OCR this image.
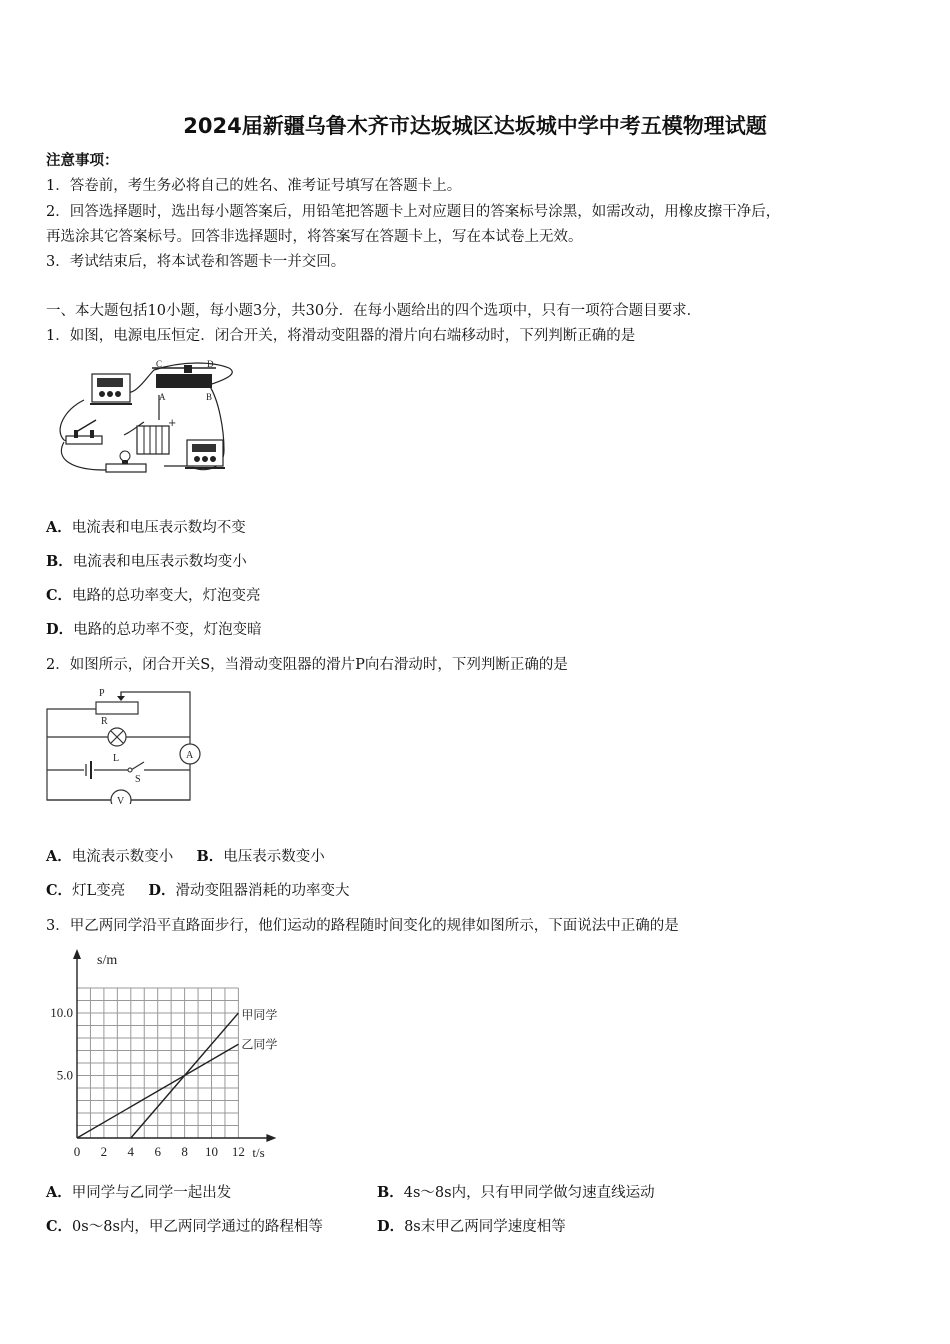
2024届新疆乌鲁木齐市达坂城区达坂城中学中考五模物理试题
注意事项：
1．答卷前，考生务必将自己的姓名、准考证号填写在答题卡上。
2．回答选择题时，选出每小题答案后，用铅笔把答题卡上对应题目的答案标号涂黑，如需改动，用橡皮擦干净后，
再选涂其它答案标号。回答非选择题时，将答案写在答题卡上，写在本试卷上无效。
3．考试结束后，将本试卷和答题卡一并交回。
一、本大题包括10小题，每小题3分，共30分．在每小题给出的四个选项中，只有一项符合题目要求．
1．如图，电源电压恒定．闭合开关，将滑动变阻器的滑片向右端移动时，下列判断正确的是
C	D
A	B
+
A．电流表和电压表示数均不变
B．电流表和电压表示数均变小
C．电路的总功率变大，灯泡变亮
D．电路的总功率不变，灯泡变暗
2．如图所示，闭合开关S，当滑动变阻器的滑片P向右滑动时，下列判断正确的是
P
R
L
S
A
V
A．电流表示数变小 B．电压表示数变小
C．灯L变亮 D．滑动变阻器消耗的功率变大
3．甲乙两同学沿平直路面步行，他们运动的路程随时间变化的规律如图所示，下面说法中正确的是
0 2 4 6 8 10 12
5.0
10.0
t/s
s/m
甲同学
乙同学
A．甲同学与乙同学一起出发	B．4s～8s内，只有甲同学做匀速直线运动
C．0s～8s内，甲乙两同学通过的路程相等	D．8s末甲乙两同学速度相等
